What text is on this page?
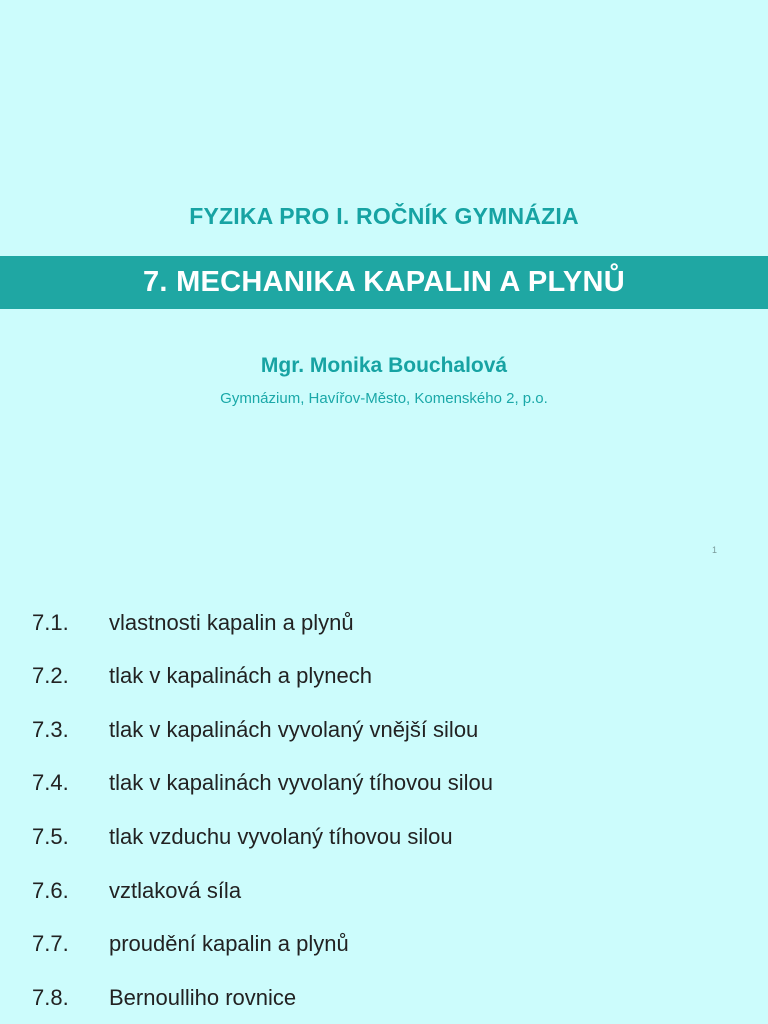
FYZIKA PRO I. ROČNÍK GYMNÁZIA
7. MECHANIKA KAPALIN A PLYNŮ
Mgr. Monika Bouchalová
Gymnázium, Havířov-Město, Komenského 2, p.o.
1
7.1. vlastnosti kapalin a plynů
7.2. tlak v kapalinách a plynech
7.3. tlak v kapalinách vyvolaný vnější silou
7.4. tlak v kapalinách vyvolaný tíhovou silou
7.5. tlak vzduchu vyvolaný tíhovou silou
7.6. vztlaková síla
7.7. proudění kapalin a plynů
7.8. Bernoulliho rovnice
